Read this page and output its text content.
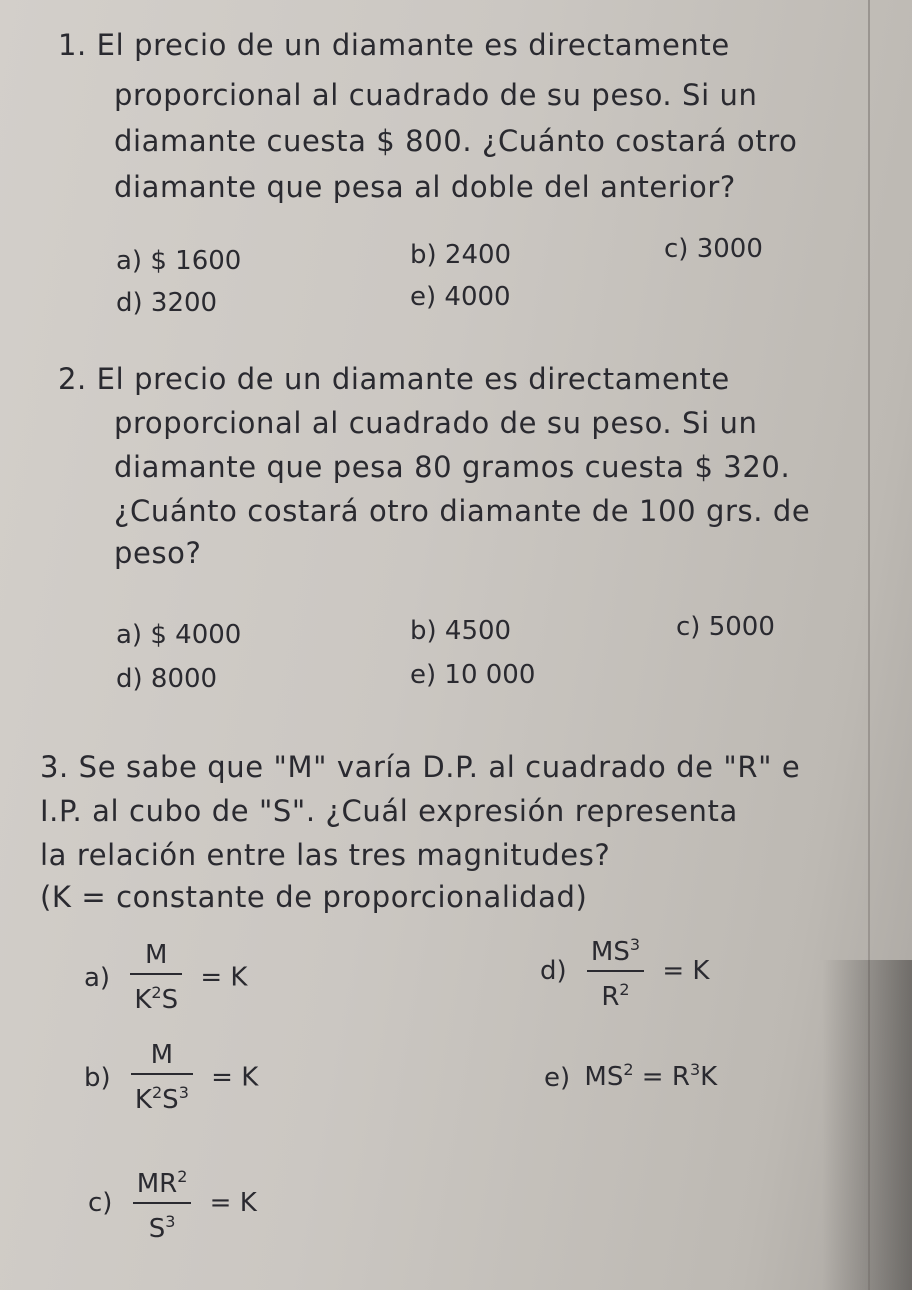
1. El precio de un diamante es directamente
proporcional al cuadrado de su peso. Si un
diamante cuesta $ 800. ¿Cuánto costará otro
diamante que pesa al doble del anterior?
a) $ 1600	b) 2400	c) 3000
d) 3200	e) 4000
2. El precio de un diamante es directamente
proporcional al cuadrado de su peso. Si un
diamante que pesa 80 gramos cuesta $ 320.
¿Cuánto costará otro diamante de 100 grs. de
peso?
a) $ 4000	b) 4500	c) 5000
d) 8000	e) 10 000
3. Se sabe que "M" varía D.P. al cuadrado de "R" e
I.P. al cubo de "S". ¿Cuál expresión representa
la relación entre las tres magnitudes?
(K = constante de proporcionalidad)
$a) \frac{M}{K^2S} = K$	$d) \frac{MS^3}{R^2} = K$
$b) \frac{M}{K^2S^3} = K$	e) $MS^2 = R^3K$
$c) \frac{MR^2}{S^3} = K$
